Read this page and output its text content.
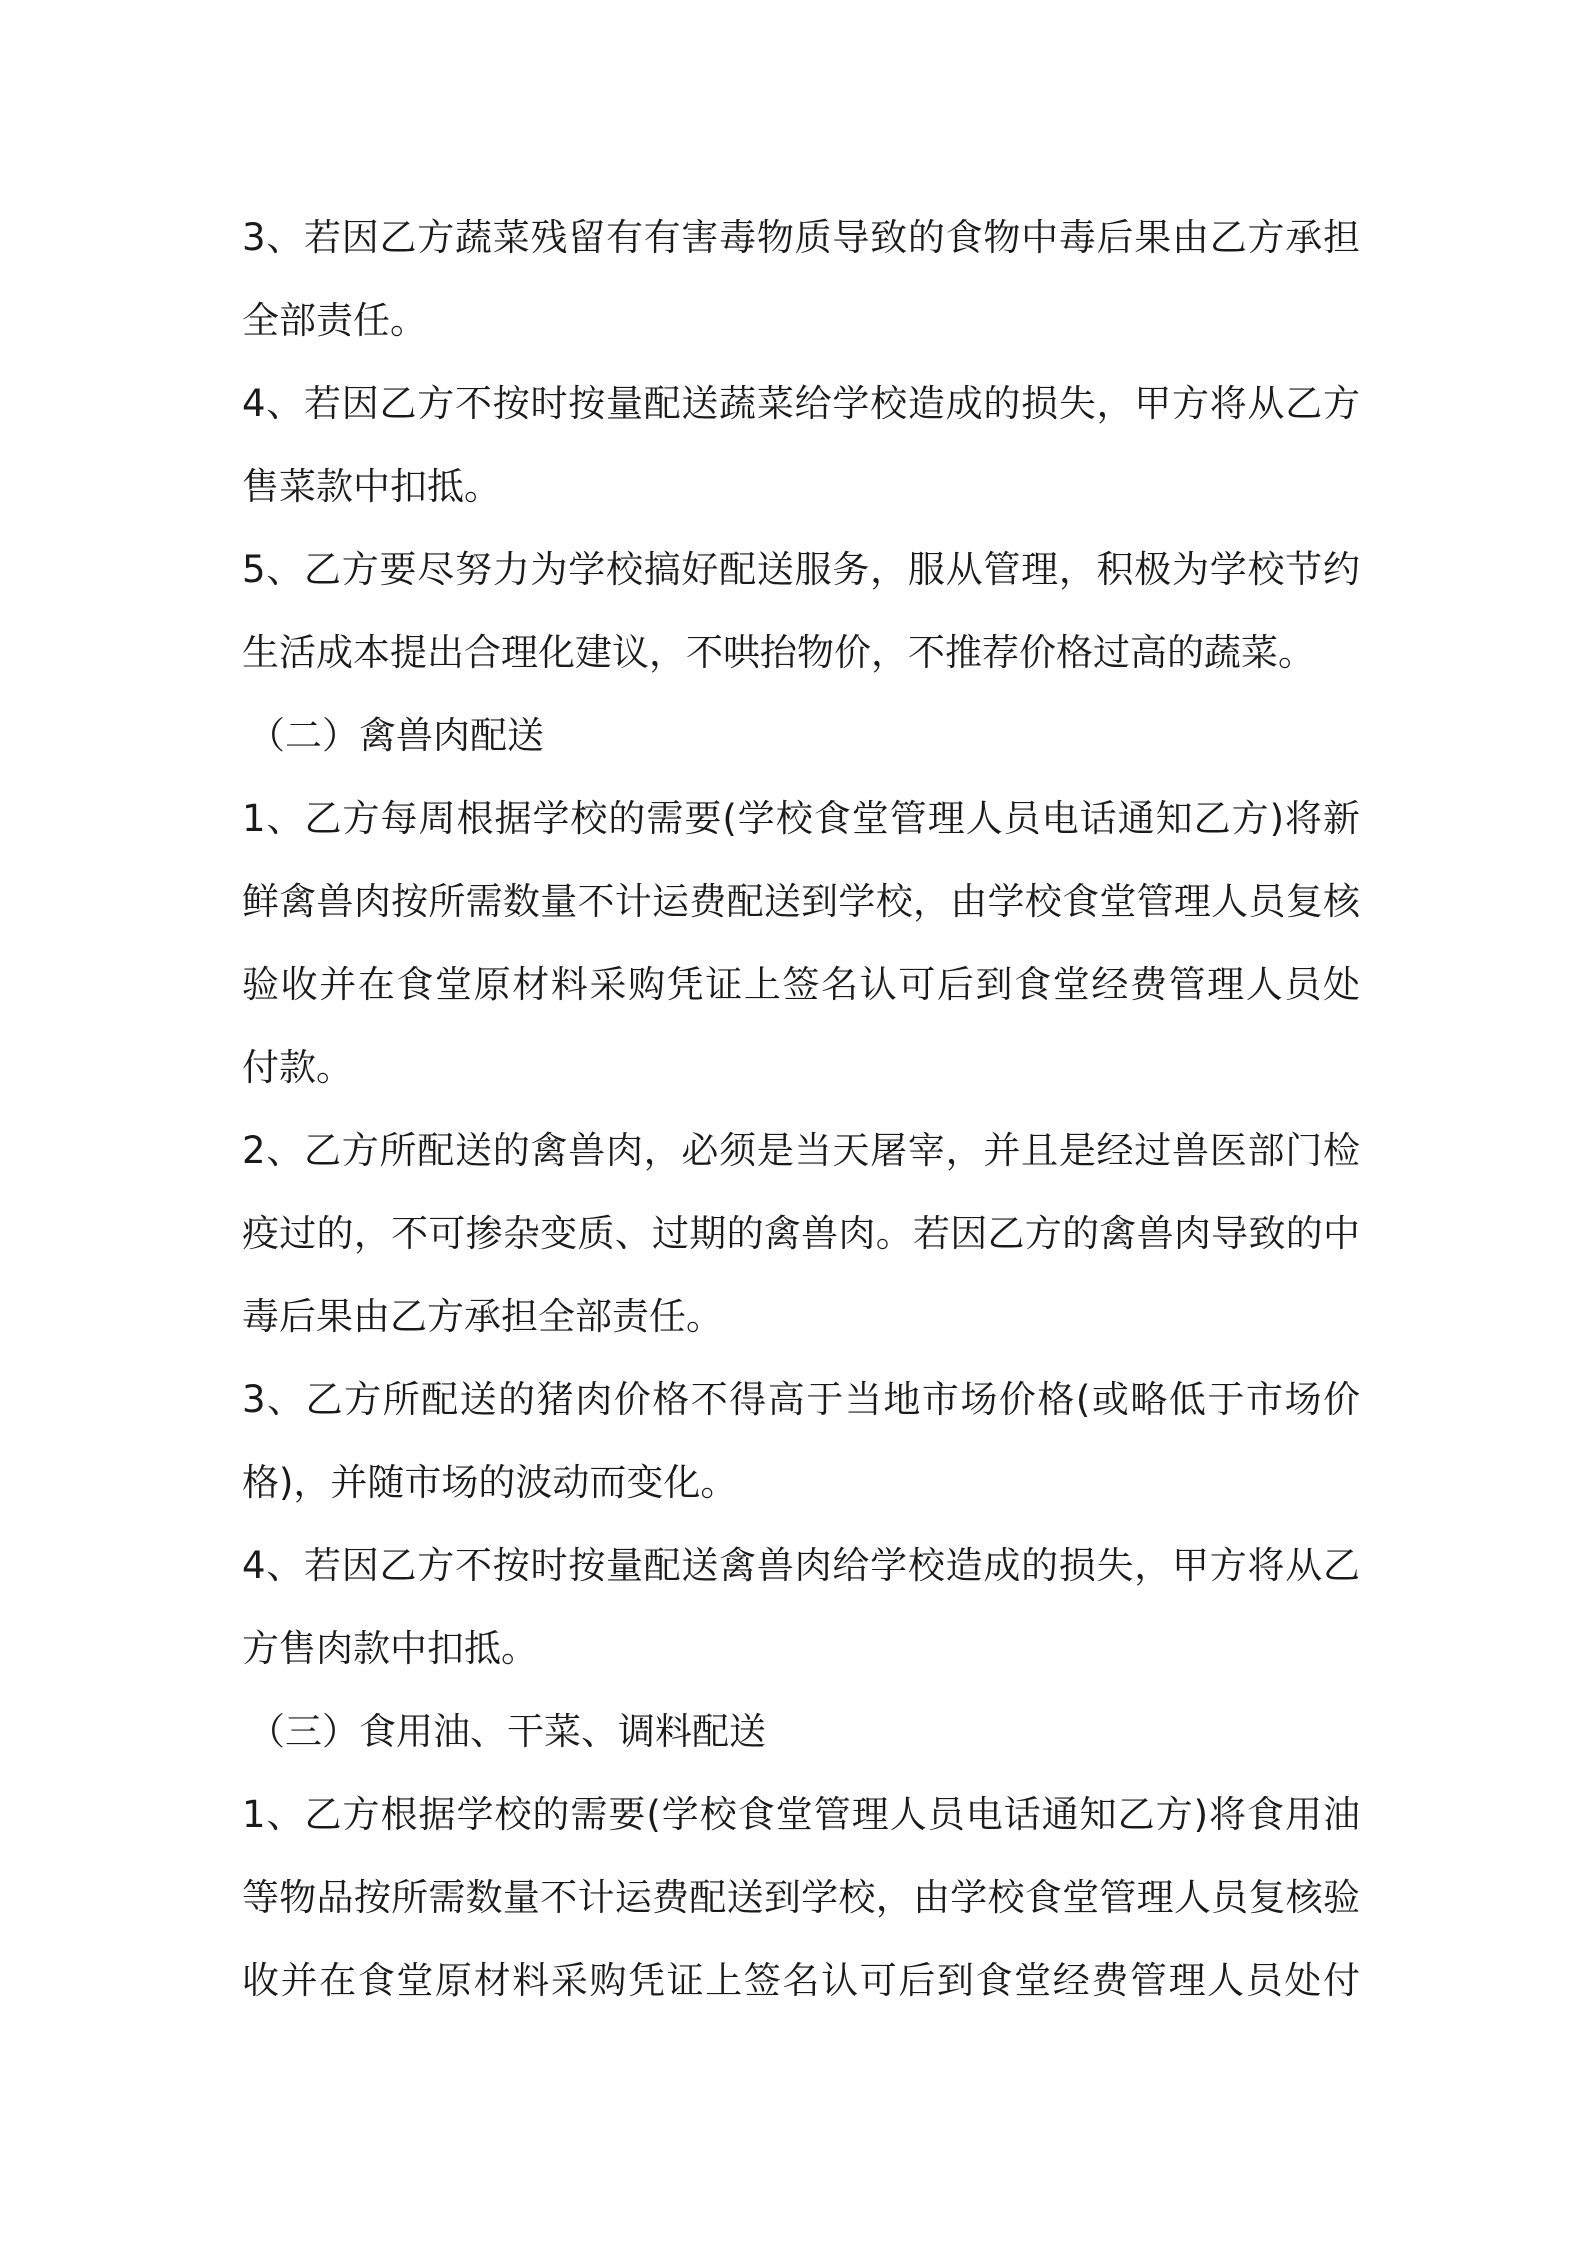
3、若因乙方蔬菜残留有有害毒物质导致的食物中毒后果由乙方承担
全部责任。
4、若因乙方不按时按量配送蔬菜给学校造成的损失，甲方将从乙方
售菜款中扣抵。
5、乙方要尽努力为学校搞好配送服务，服从管理，积极为学校节约
生活成本提出合理化建议，不哄抬物价，不推荐价格过高的蔬菜。
（二）禽兽肉配送
1、乙方每周根据学校的需要(学校食堂管理人员电话通知乙方)将新
鲜禽兽肉按所需数量不计运费配送到学校，由学校食堂管理人员复核
验收并在食堂原材料采购凭证上签名认可后到食堂经费管理人员处
付款。
2、乙方所配送的禽兽肉，必须是当天屠宰，并且是经过兽医部门检
疫过的，不可掺杂变质、过期的禽兽肉。若因乙方的禽兽肉导致的中
毒后果由乙方承担全部责任。
3、乙方所配送的猪肉价格不得高于当地市场价格(或略低于市场价
格)，并随市场的波动而变化。
4、若因乙方不按时按量配送禽兽肉给学校造成的损失，甲方将从乙
方售肉款中扣抵。
（三）食用油、干菜、调料配送
1、乙方根据学校的需要(学校食堂管理人员电话通知乙方)将食用油
等物品按所需数量不计运费配送到学校，由学校食堂管理人员复核验
收并在食堂原材料采购凭证上签名认可后到食堂经费管理人员处付
